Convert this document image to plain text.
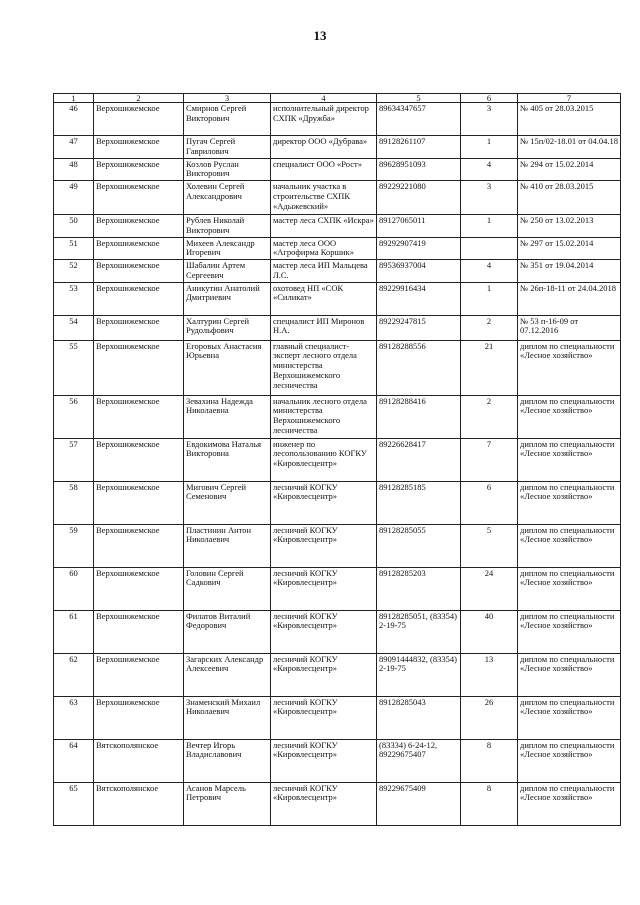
13
1	2	3	4	5	6	7
46	Верхошижемское	Смирнов Сергей Викторович	исполнительный директор СХПК «Дружба»	89634347657	3	№ 405 от 28.03.2015
47	Верхошижемское	Пугач Сергей Гаврилович	директор ООО «Дубрава»	89128261107	1	№ 15п/02-18.01 от 04.04.18
48	Верхошижемское	Козлов Руслан Викторович	специалист ООО «Рост»	89628951093	4	№ 294 от 15.02.2014
49	Верхошижемское	Холевин Сергей Александрович	начальник участка в строительстве СХПК «Адыжевский»	89229221080	3	№ 410 от 28.03.2015
50	Верхошижемское	Рублев Николай Викторович	мастер леса СХПК «Искра»	89127065011	1	№ 250 от 13.02.2013
51	Верхошижемское	Михеев Александр Игоревич	мастер леса ООО «Агрофирма Коршик»	89292907419		№ 297 от 15.02.2014
52	Верхошижемское	Шабалин Артем Сергеевич	мастер леса ИП Мальцева Л.С.	89536937004	4	№ 351 от 19.04.2014
53	Верхошижемское	Аникутин Анатолий Дмитриевич	охотовед НП «СОК «Силикат»	89229916434	1	№ 26п-18-11 от 24.04.2018
54	Верхошижемское	Халтурин Сергей Рудольфович	специалист ИП Миронов Н.А.	89229247815	2	№ 53 п-16-09 от 07.12.2016
55	Верхошижемское	Егоровых Анастасия Юрьевна	главный специалист-эксперт лесного отдела министерства Верхошижемского лесничества	89128288556	21	диплом по специальности «Лесное хозяйство»
56	Верхошижемское	Зевахина Надежда Николаевна	начальник лесного отдела министерства Верхошижемского лесничества	89128288416	2	диплом по специальности «Лесное хозяйство»
57	Верхошижемское	Евдокимова Наталья Викторовна	инженер по лесопользованию КОГКУ «Кировлесцентр»	89226628417	7	диплом по специальности «Лесное хозяйство»
58	Верхошижемское	Мигович Сергей Семенович	лесничий КОГКУ «Кировлесцентр»	89128285185	6	диплом по специальности «Лесное хозяйство»
59	Верхошижемское	Пластинин Антон Николаевич	лесничий КОГКУ «Кировлесцентр»	89128285055	5	диплом по специальности «Лесное хозяйство»
60	Верхошижемское	Головин Сергей Садкович	лесничий КОГКУ «Кировлесцентр»	89128285203	24	диплом по специальности «Лесное хозяйство»
61	Верхошижемское	Филатов Виталий Федорович	лесничий КОГКУ «Кировлесцентр»	89128285051, (83354) 2-19-75	40	диплом по специальности «Лесное хозяйство»
62	Верхошижемское	Загарских Александр Алексеевич	лесничий КОГКУ «Кировлесцентр»	89091444832, (83354) 2-19-75	13	диплом по специальности «Лесное хозяйство»
63	Верхошижемское	Знаменский Михаил Николаевич	лесничий КОГКУ «Кировлесцентр»	89128285043	26	диплом по специальности «Лесное хозяйство»
64	Вятскополянское	Вечтер Игорь Владиславович	лесничий КОГКУ «Кировлесцентр»	(83334) 6-24-12, 89229675407	8	диплом по специальности «Лесное хозяйство»
65	Вятскополянское	Асанов Марсель Петрович	лесничий КОГКУ «Кировлесцентр»	89229675409	8	диплом по специальности «Лесное хозяйство»
